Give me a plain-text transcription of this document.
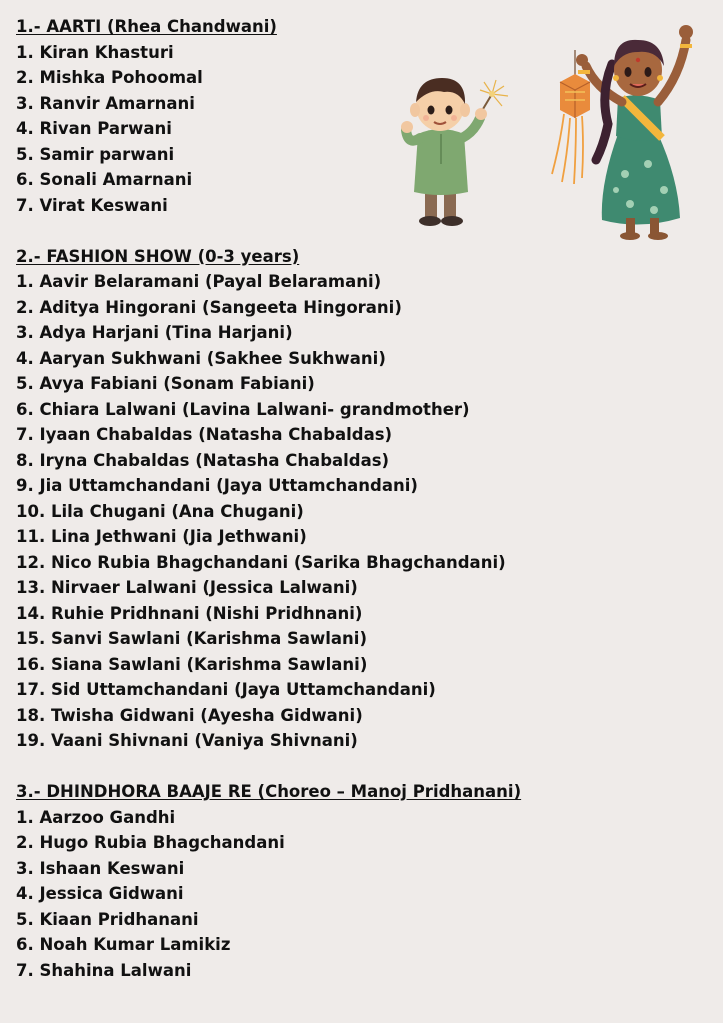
1.- AARTI (Rhea Chandwani)
1. Kiran Khasturi
2. Mishka Pohoomal
3. Ranvir Amarnani
4. Rivan Parwani
5. Samir parwani
6. Sonali Amarnani
7. Virat Keswani
2.- FASHION SHOW (0-3 years)
1. Aavir Belaramani (Payal Belaramani)
2. Aditya Hingorani (Sangeeta Hingorani)
3. Adya Harjani (Tina Harjani)
4. Aaryan Sukhwani (Sakhee Sukhwani)
5. Avya Fabiani (Sonam Fabiani)
6. Chiara Lalwani (Lavina Lalwani- grandmother)
7. Iyaan Chabaldas (Natasha Chabaldas)
8. Iryna Chabaldas (Natasha Chabaldas)
9. Jia Uttamchandani (Jaya Uttamchandani)
10. Lila Chugani (Ana Chugani)
11. Lina Jethwani (Jia Jethwani)
12. Nico Rubia Bhagchandani (Sarika Bhagchandani)
13. Nirvaer Lalwani (Jessica Lalwani)
14. Ruhie Pridhnani (Nishi Pridhnani)
15. Sanvi Sawlani (Karishma Sawlani)
16. Siana Sawlani (Karishma Sawlani)
17. Sid Uttamchandani (Jaya Uttamchandani)
18. Twisha Gidwani (Ayesha Gidwani)
19. Vaani Shivnani (Vaniya Shivnani)
3.- DHINDHORA BAAJE RE (Choreo – Manoj Pridhanani)
1. Aarzoo Gandhi
2. Hugo Rubia Bhagchandani
3. Ishaan Keswani
4. Jessica Gidwani
5. Kiaan Pridhanani
6. Noah Kumar Lamikiz
7. Shahina Lalwani
